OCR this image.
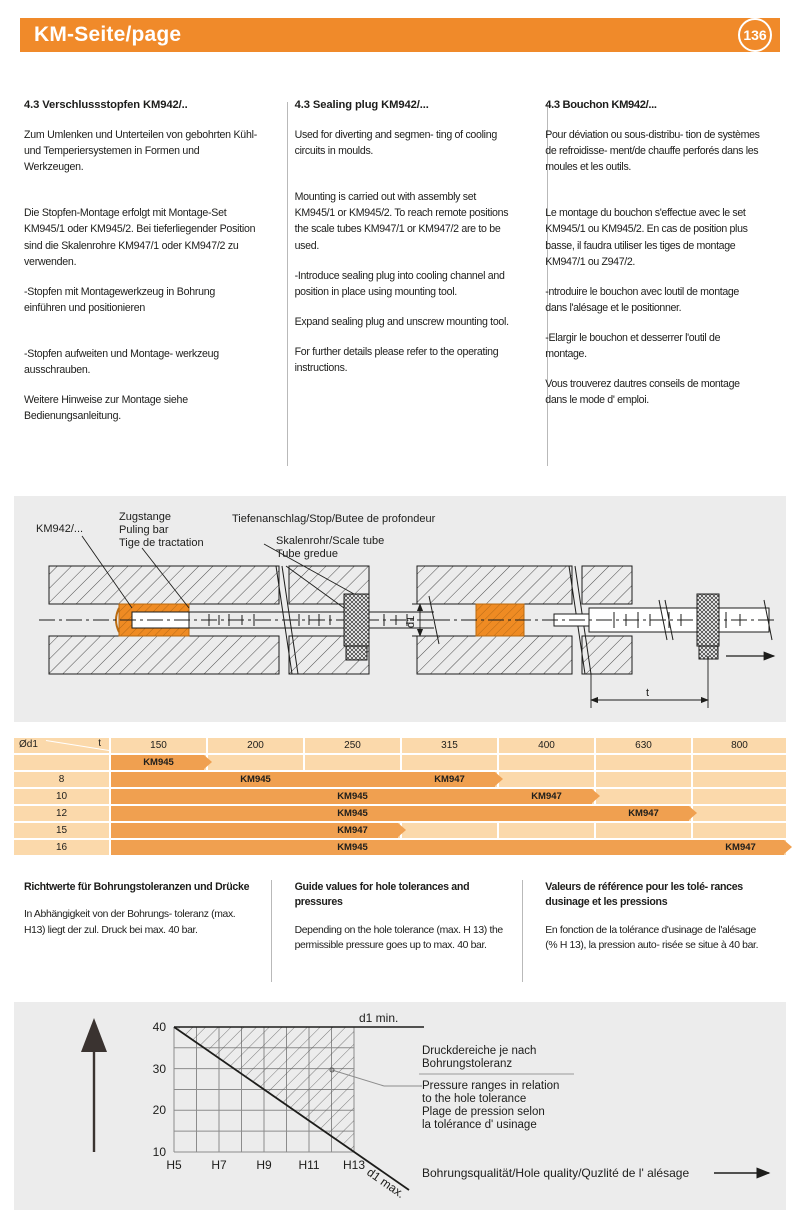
KM-Seite/page	136
4.3 Verschlussstopfen KM942/..

Zum Umlenken und Unterteilen von gebohrten Kühl- und Temperiersystemen in Formen und Werkzeugen.

Die Stopfen-Montage erfolgt mit Montage-Set KM945/1 oder KM945/2. Bei tieferliegender Position sind die Skalenrohre KM947/1 oder KM947/2 zu verwenden.

-Stopfen mit Montagewerkzeug in Bohrung einführen und positionieren

-Stopfen aufweiten und Montage- werkzeug ausschrauben.

Weitere Hinweise zur Montage siehe Bedienungsanleitung.

4.3 Sealing plug KM942/...

Used for diverting and segmen- ting of cooling circuits in moulds.

Mounting is carried out with assembly set KM945/1 or KM945/2. To reach remote positions the scale tubes KM947/1 or KM947/2 are to be used.

-Introduce sealing plug into cooling channel and position in place using mounting tool.

Expand sealing plug and unscrew mounting tool.

For further details please refer to the operating instructions.

4.3 Bouchon KM942/...

Pour déviation ou sous-distribu- tion de systèmes de refroidisse- ment/de chauffe perforés dans les moules et les outils.

Le montage du bouchon s'effectue avec le set KM945/1 ou KM945/2. En cas de position plus basse, il faudra utiliser les tiges de montage KM947/1 ou Z947/2.

-ntroduire le bouchon avec loutil de montage dans l'alésage et le positionner.

-Elargir le bouchon et desserrer l'outil de montage.

Vous trouverez dautres conseils de montage dans le mode d' emploi.

KM942/...
Zugstange
Puling bar
Tige de tractation
Tiefenanschlag/Stop/Butee de profondeur
Skalenrohr/Scale tube
Tube gredue
d1
t
Ød1	t	150	200	250	315	400	630	800
KM945
8	KM945	KM947
10	KM945	KM947
12	KM945	KM947
15	KM947
16	KM945	KM947
Richtwerte für Bohrungstoleranzen und Drücke

In Abhängigkeit von der Bohrungs- toleranz (max. H13) liegt der zul. Druck bei max. 40 bar.

Guide values for hole tolerances and pressures

Depending on the hole tolerance (max. H 13) the permissible pressure goes up to max. 40 bar.

Valeurs de référence pour les tolé- rances dusinage et les pressions

En fonction de la tolérance d'usinage de l'alésage (% H 13), la pression auto- risée se situe à 40 bar.

40
30
20
10
H5 H7 H9 H11 H13
d1 min.
d1 max.
Druckdereiche je nach
Bohrungstoleranz
Pressure ranges in relation
to the hole tolerance
Plage de pression selon
la tolérance d' usinage
Bohrungsqualität/Hole quality/Quzlité de l' alésage
